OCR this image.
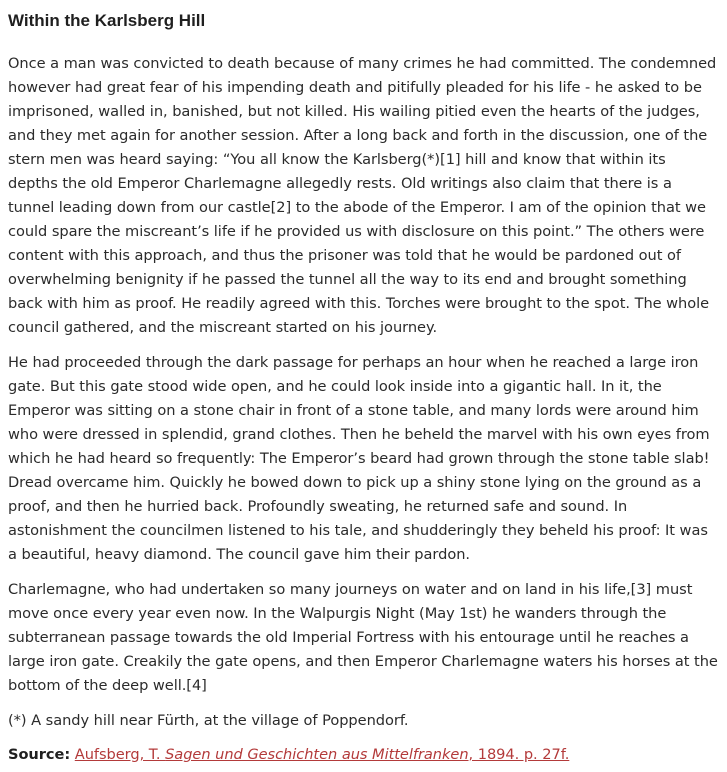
Within the Karlsberg Hill

Once a man was convicted to death because of many crimes he had committed. The condemned however had great fear of his impending death and pitifully pleaded for his life - he asked to be imprisoned, walled in, banished, but not killed. His wailing pitied even the hearts of the judges, and they met again for another session. After a long back and forth in the discussion, one of the stern men was heard saying: “You all know the Karlsberg(*)[1] hill and know that within its depths the old Emperor Charlemagne allegedly rests. Old writings also claim that there is a tunnel leading down from our castle[2] to the abode of the Emperor. I am of the opinion that we could spare the miscreant’s life if he provided us with disclosure on this point.” The others were content with this approach, and thus the prisoner was told that he would be pardoned out of overwhelming benignity if he passed the tunnel all the way to its end and brought something back with him as proof. He readily agreed with this. Torches were brought to the spot. The whole council gathered, and the miscreant started on his journey.

He had proceeded through the dark passage for perhaps an hour when he reached a large iron gate. But this gate stood wide open, and he could look inside into a gigantic hall. In it, the Emperor was sitting on a stone chair in front of a stone table, and many lords were around him who were dressed in splendid, grand clothes. Then he beheld the marvel with his own eyes from which he had heard so frequently: The Emperor’s beard had grown through the stone table slab! Dread overcame him. Quickly he bowed down to pick up a shiny stone lying on the ground as a proof, and then he hurried back. Profoundly sweating, he returned safe and sound. In astonishment the councilmen listened to his tale, and shudderingly they beheld his proof: It was a beautiful, heavy diamond. The council gave him their pardon.

Charlemagne, who had undertaken so many journeys on water and on land in his life,[3] must move once every year even now. In the Walpurgis Night (May 1st) he wanders through the subterranean passage towards the old Imperial Fortress with his entourage until he reaches a large iron gate. Creakily the gate opens, and then Emperor Charlemagne waters his horses at the bottom of the deep well.[4]

(*) A sandy hill near Fürth, at the village of Poppendorf.

Source: Aufsberg, T. Sagen und Geschichten aus Mittelfranken, 1894. p. 27f.
